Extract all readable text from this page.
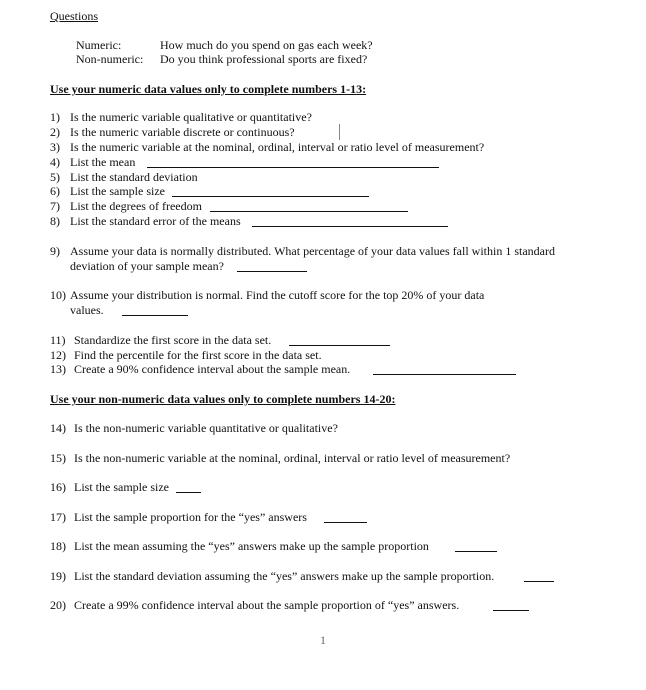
Questions
Numeric:	How much do you spend on gas each week?
Non-numeric: Do you think professional sports are fixed?
Use your numeric data values only to complete numbers 1-13:
1) Is the numeric variable qualitative or quantitative?
2) Is the numeric variable discrete or continuous?
3) Is the numeric variable at the nominal, ordinal, interval or ratio level of measurement?
4) List the mean
5) List the standard deviation
6) List the sample size
7) List the degrees of freedom
8) List the standard error of the means
9) Assume your data is normally distributed. What percentage of your data values fall within 1 standard
deviation of your sample mean?
10) Assume your distribution is normal. Find the cutoff score for the top 20% of your data
values.
11) Standardize the first score in the data set.
12) Find the percentile for the first score in the data set.
13) Create a 90% confidence interval about the sample mean.
Use your non-numeric data values only to complete numbers 14-20:
14) Is the non-numeric variable quantitative or qualitative?
15) Is the non-numeric variable at the nominal, ordinal, interval or ratio level of measurement?
16) List the sample size
17) List the sample proportion for the “yes” answers
18) List the mean assuming the “yes” answers make up the sample proportion
19) List the standard deviation assuming the “yes” answers make up the sample proportion.
20) Create a 99% confidence interval about the sample proportion of “yes” answers.
1
